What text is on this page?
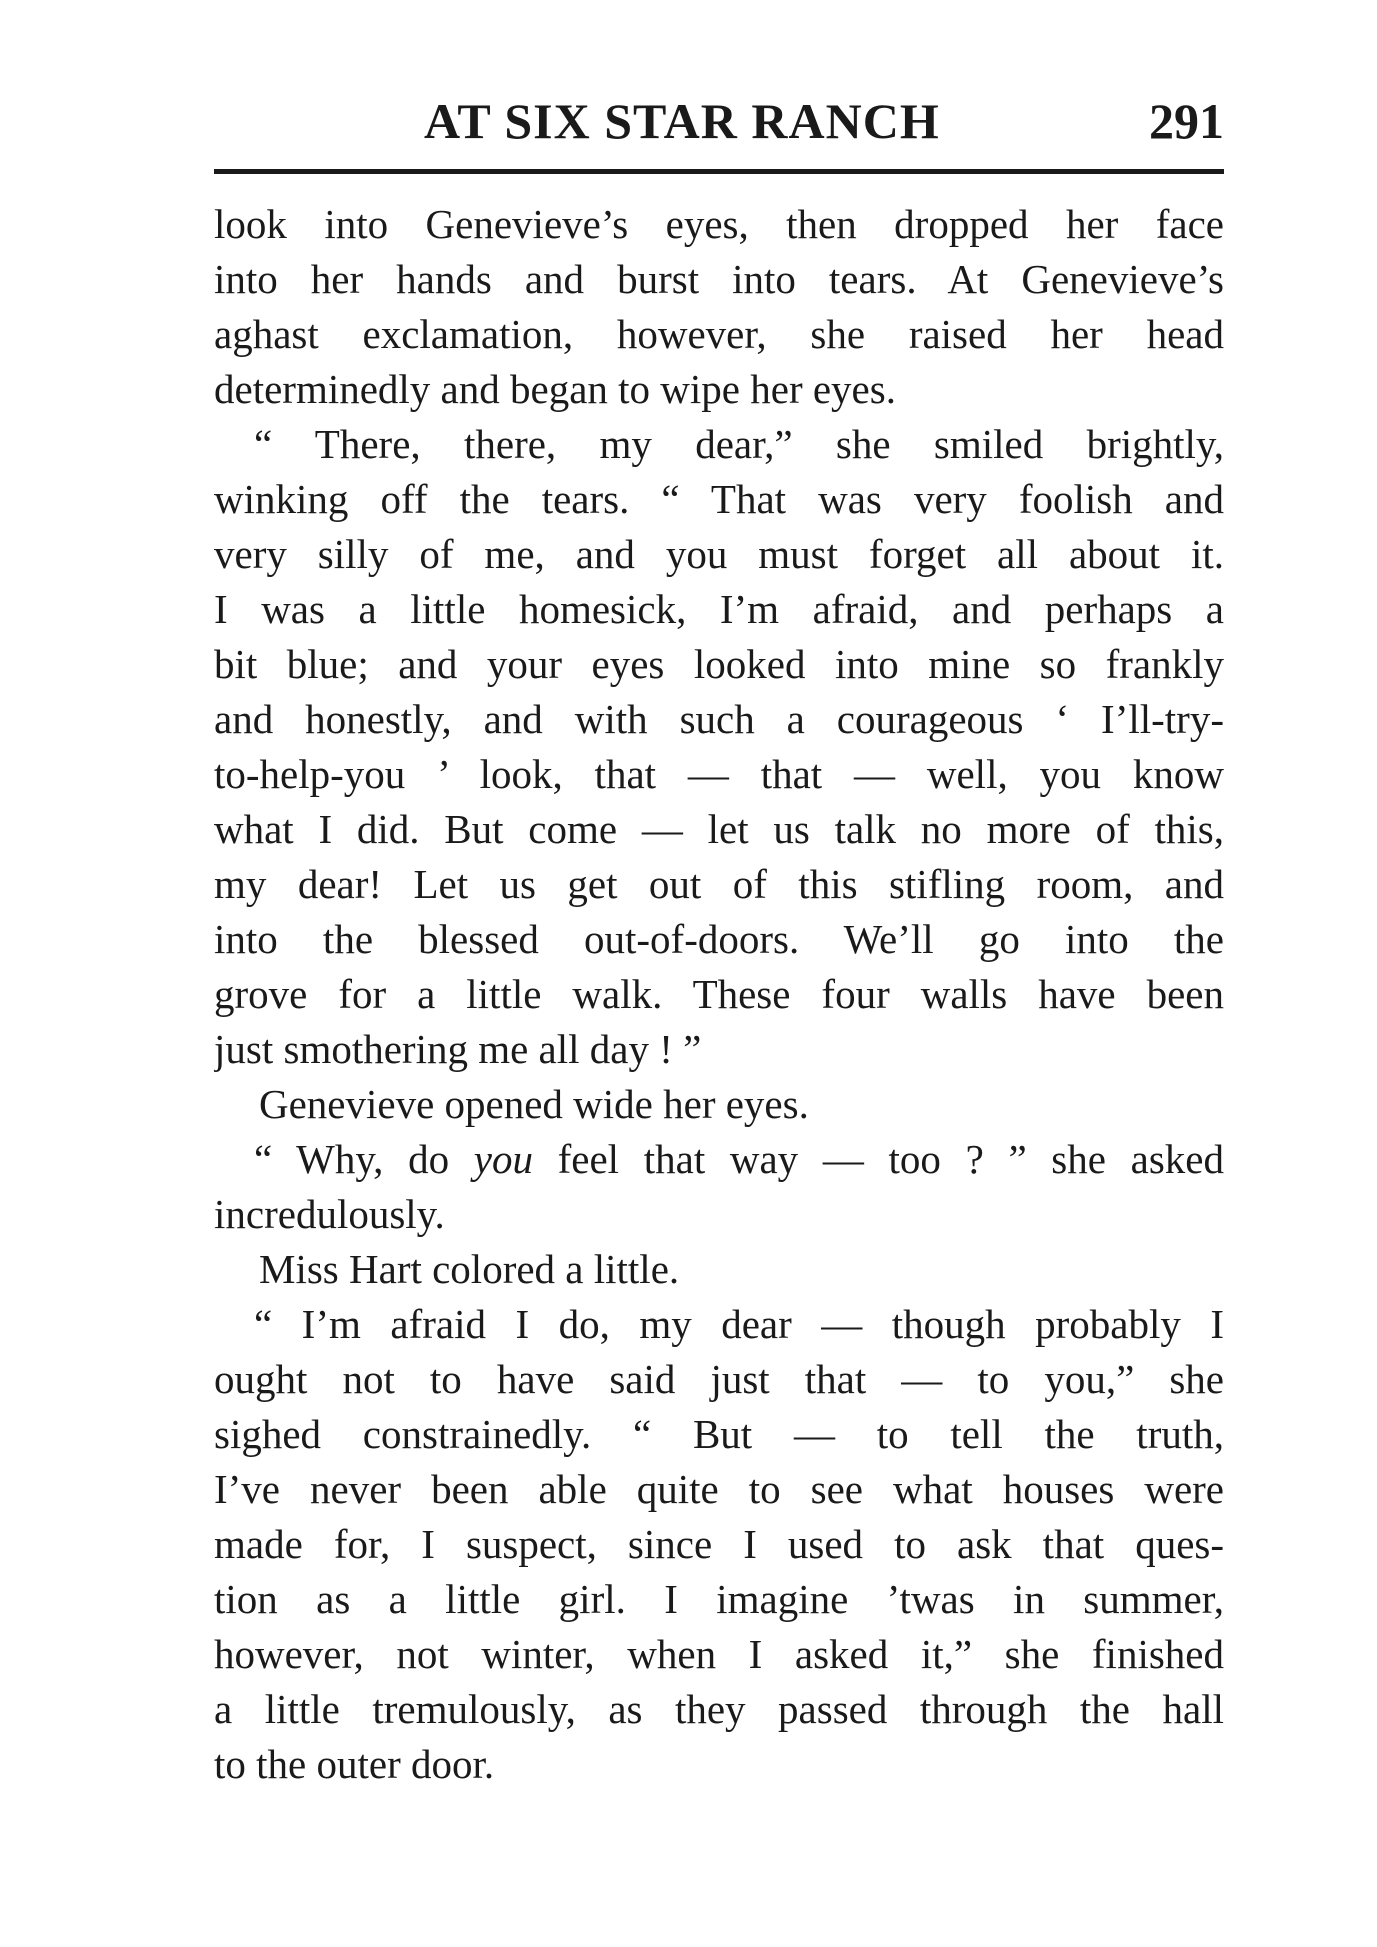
AT SIX STAR RANCH	291
look into Genevieve’s eyes, then dropped her face
into her hands and burst into tears. At Genevieve’s
aghast exclamation, however, she raised her head
determinedly and began to wipe her eyes.
“ There, there, my dear,” she smiled brightly,
winking off the tears. “ That was very foolish and
very silly of me, and you must forget all about it.
I was a little homesick, I’m afraid, and perhaps a
bit blue; and your eyes looked into mine so frankly
and honestly, and with such a courageous ‘ I’ll-try-
to-help-you ’ look, that — that — well, you know
what I did. But come — let us talk no more of this,
my dear! Let us get out of this stifling room, and
into the blessed out-of-doors. We’ll go into the
grove for a little walk. These four walls have been
just smothering me all day ! ”
Genevieve opened wide her eyes.
“ Why, do you feel that way — too ? ” she asked
incredulously.
Miss Hart colored a little.
“ I’m afraid I do, my dear — though probably I
ought not to have said just that — to you,” she
sighed constrainedly. “ But — to tell the truth,
I’ve never been able quite to see what houses were
made for, I suspect, since I used to ask that ques-
tion as a little girl. I imagine ’twas in summer,
however, not winter, when I asked it,” she finished
a little tremulously, as they passed through the hall
to the outer door.
